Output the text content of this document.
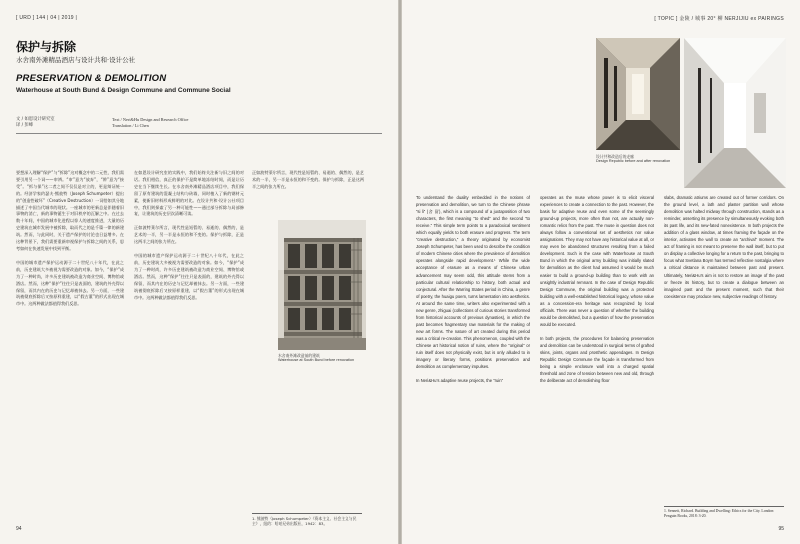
[ URD ] 144 | 04 | 2019 |
保护与拆除
水舍南外滩精品酒店与设计共和·设计公社
PRESERVATION & DEMOLITION
Waterhouse at South Bund & Design Commune and Commune Social
文 / 如恩设计研究室
译 / 彭峰
Text / Neri&Hu Design and Research Office
Translation / Li Chen

要想深入理解“保护”与“拆除”这对概念中的二元性，我们需要引用另一个词——审辨。“审”意为“放弃”，“辨”意为“接受”。“拆与保”这二者之间不仅仅是对立的，更是辩证统一的。经济学家约瑟夫·熊彼特（Joseph Schumpeter）提出的“创造性破坏”（Creative Destruction）一词恰如其分地描述了中国当代城市的现状。一座城市的更新总是伴随着旧事物的消亡，新的事物诞生于对旧秩序的瓦解之中。在过去数十年间，中国的城市化进程以惊人的速度推进，大量的历史建筑在城市发展中被拆除，取而代之的是千篇一律的新建筑。然而，与此同时，关于遗产保护的讨论也日益增多。在这种背景下，我们需要重新审视保护与拆除之间的关系，思考如何在快速发展中找到平衡。

中国的城市遗产保护运动源于二十世纪八十年代，在此之前，历史建筑大多被视为需要改造的对象。如今，“保护”成为了一种时尚，许多历史建筑被改造为商业空间、博物馆或酒店。然而，这种“保护”往往只是表面的，建筑的外壳得以保留，而其内在的历史与记忆却被抹去。另一方面，一些建筑被彻底拆除后又按原样重建，以“假古董”的形式出现在城市中。这两种做法都值得我们反思。

在如恩设计研究室的实践中，我们始终关注新与旧之间的对话。我们相信，真正的保护不是简单地冻结时间，而是让历史在当下继续生长。在水舍南外滩精品酒店项目中，我们保留了原有建筑的混凝土结构与砖墙，同时植入了新的钢材元素，使新旧材料形成鲜明的对比。在设计共和·设计公社项目中，我们则探索了另一种可能性——通过部分拆除与局部修复，让建筑的历史层次清晰可读。

正如波特莱尔所言，现代性是短暂的、易逝的、偶然的，是艺术的一半，另一半是永恒的和不变的。保护与拆除，正是这两半之间的张力所在。

中国的城市遗产保护运动源于二十世纪八十年代，在此之前，历史建筑大多被视为需要改造的对象。如今，“保护”成为了一种时尚，许多历史建筑被改造为商业空间、博物馆或酒店。然而，这种“保护”往往只是表面的，建筑的外壳得以保留，而其内在的历史与记忆却被抹去。另一方面，一些建筑被彻底拆除后又按原样重建，以“假古董”的形式出现在城市中。这两种做法都值得我们反思。

正如波特莱尔所言，现代性是短暂的、易逝的、偶然的，是艺术的一半，另一半是永恒的和不变的。保护与拆除，正是这两半之间的张力所在。

水舍南外滩改造前的建筑
Waterhouse at South Bund before renovation
1. 熊彼特（Joseph Schumpeter）《资本主义、社会主义与民主》，纽约：哈珀兄弟出版社，1942：83。
94
[ TOPIC ] 金陵 / 城事 20° 柳 NERJIJIU ex PAIRINGS
设计共和改造后的走廊
Design Republic before and after renovation

To understand the duality embedded in the notions of preservation and demolition, we turn to the Chinese phrase “si li” (舍 留), which is a compound of a juxtaposition of two characters, the first meaning “to shed” and the second “to receive.” This simple term points to a paradoxical sentiment which equally yields to both erasure and progress. The term “creative destruction,” a theory originated by economist Joseph Schumpeter, has been used to describe the condition of modern Chinese cities where the prevalence of demolition operates alongside rapid development.¹ While the wide acceptance of erasure as a means of Chinese urban advancement may seem odd, this attitude stems from a particular cultural relationship to history, both actual and conjectural. After the Warring States period in China, a genre of poetry, the huaigu poem, turns lamentation into aesthetics. At around the same time, writers also experimented with a new genre, zhiguai (collections of curious stories transformed from historical accounts of previous dynasties), in which the past becomes fragmentary raw materials for the making of new art forms. The nature of art created during this period was a critical re-creation. This phenomenon, coupled with the Chinese art historical notion of ruins, where the “original” or ruin itself does not physically exist, but is only alluded to in imagery or literary forms, positions preservation and demolition as complementary impulses.

In Neri&Hu’s adaptive reuse projects, the “ruin”

operates as the muse whose power is to elicit visceral experiences to create a connection to the past. However, the basis for adaptive reuse and even some of the seemingly ground-up projects, more often than not, are actually non-romantic relics from the past. The muse in question does not always follow a conventional set of aesthetics nor value assignations. They may not have any historical value at all, or may even be abandoned structures resulting from a failed development. Such is the case with Waterhouse at South Bund in which the original army building was initially slated for demolition as the client had assumed it would be much easier to build a ground-up building than to work with an unsightly industrial remnant. In the case of Design Republic Design Commune, the original building was a protected building with a well-established historical legacy, whose value as a concession-era heritage was recognized by local officials. There was never a question of whether the building would be demolished, but a question of how the preservation would be executed.

In both projects, the procedures for balancing preservation and demolition can be understood in surgical terms of grafted skins, joints, organs and prosthetic appendages. In Design Republic Design Commune the façade is transformed from being a simple enclosure wall into a charged spatial threshold and zone of tension between new and old, through the deliberate act of demolishing floor

slabs, dramatic atriums are created out of former corridors. On the ground level, a lath and plaster partition wall whose demolition was halted midway through construction, stands as a reminder, asserting its presence by simultaneously evoking both its past life, and its new-fated nonexistence. In both projects the addition of a glass window, at times framing the façade on the interior, activates the wall to create an “archival” moment. The act of framing is not meant to preserve the wall itself, but to put on display a collective longing for a return to the past, bringing to focus what Svetlana Boym has termed reflective nostalgia where a critical distance is maintained between past and present. Ultimately, Neri&Hu’s aim is not to restore an image of the past or freeze its history, but to create a dialogue between an imagined past and the present moment, such that their coexistence may produce new, subjective readings of history.

1. Sennett, Richard. Building and Dwelling: Ethics for the City. London: Penguin Books, 2018: 3-20.
95
